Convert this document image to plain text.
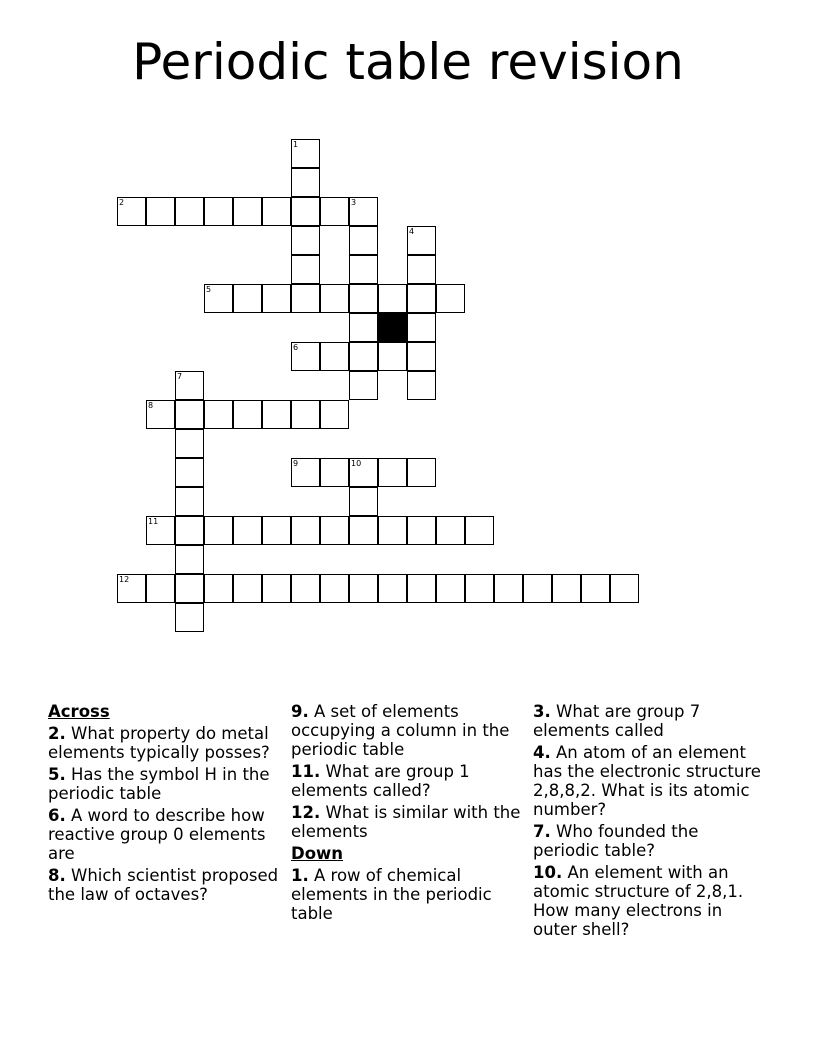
Periodic table revision
1
2	3
4
5
6
7
8
9	10
11
12
Across
2. What property do metal elements typically posses?
5. Has the symbol H in the periodic table
6. A word to describe how reactive group 0 elements are
8. Which scientist proposed the law of octaves?
9. A set of elements occupying a column in the periodic table
11. What are group 1 elements called?
12. What is similar with the elements
Down
1. A row of chemical elements in the periodic table
3. What are group 7 elements called
4. An atom of an element has the electronic structure 2,8,8,2. What is its atomic number?
7. Who founded the periodic table?
10. An element with an atomic structure of 2,8,1. How many electrons in outer shell?
